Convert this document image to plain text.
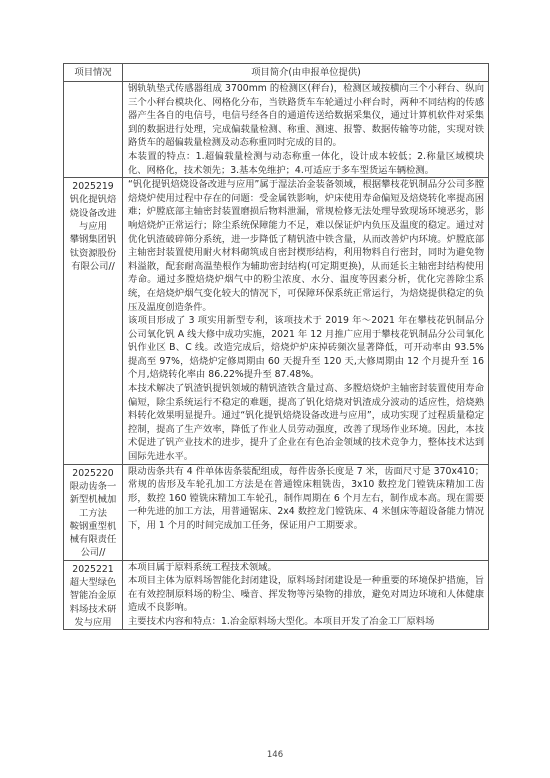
项目情况	项目简介(由申报单位提供)
钢轨轨垫式传感器组成 3700mm 的检测区(秤台)，检测区域按横向三个小秤台、纵向三个小秤台模块化、网格化分布，当铁路货车车轮通过小秤台时，两种不同结构的传感器产生各自的电信号，电信号经各自的通道传送给数据采集仪，通过计算机软件对采集到的数据进行处理，完成偏载量检测、称重、测速、报警、数据传输等功能，实现对铁路货车的超偏载量检测及动态称重同时完成的目的。
本装置的特点：1.超偏载量检测与动态称重一体化，设计成本较低；2.称量区域模块化、网格化，技术领先；3.基本免维护；4.可适应于多车型货运车辆检测。
2025219
钒化提钒焙
烧设备改进
与应用
攀钢集团钒
钛资源股份
有限公司//
“钒化提钒焙烧设备改进与应用”属于湿法冶金装备领域，根据攀枝花钒制品分公司多膛焙烧炉使用过程中存在的问题：受金属铁影响，炉床使用寿命偏短及焙烧转化率提高困难；炉膛底部主轴密封装置磨损后物料泄漏，常规检修无法处理导致现场环境恶劣，影响焙烧炉正常运行；除尘系统保障能力不足，难以保证炉内负压及温度的稳定。通过对优化钒渣破碎筛分系统，进一步降低了精钒渣中铁含量，从而改善炉内环境。炉膛底部主轴密封装置使用耐火材料砌筑成自密封楔形结构，利用物料自行密封，同时为避免物料溢散，配套耐高温垫根作为辅助密封结构(可定期更换)，从而延长主轴密封结构使用寿命。通过多膛焙烧炉烟气中的粉尘浓度、水分、温度等因素分析，优化完善除尘系统，在焙烧炉烟气变化较大的情况下，可保障环保系统正常运行，为焙烧提供稳定的负压及温度创造条件。
该项目形成了 3 项实用新型专利，该项技术于 2019 年～2021 年在攀枝花钒制品分公司氧化钒 A 线大修中成功实施，2021 年 12 月推广应用于攀枝花钒制品分公司氧化钒作业区 B、C 线。改造完成后，焙烧炉炉床掉砖频次显著降低，可开动率由 93.5%提高至 97%，焙烧炉定修周期由 60 天提升至 120 天,大修周期由 12 个月提升至 16 个月,焙烧转化率由 86.22%提升至 87.48%。
本技术解决了钒渣钒提钒领域的精钒渣铁含量过高、多膛焙烧炉主轴密封装置使用寿命偏短，除尘系统运行不稳定的难题，提高了钒化焙烧对钒渣成分波动的适应性，焙烧熟料转化效果明显提升。通过“钒化提钒焙烧设备改进与应用”，成功实现了过程质量稳定控制，提高了生产效率，降低了作业人员劳动强度，改善了现场作业环境。因此，本技术促进了钒产业技术的进步，提升了企业在有色冶金领域的技术竞争力，整体技术达到国际先进水平。
2025220
限动齿条一
新型机械加
工方法
鞍钢重型机
械有限责任
公司//
限动齿条共有 4 件单体齿条装配组成，每件齿条长度是 7 米，齿面尺寸是 370x410；常规的齿形及车轮孔加工方法是在普通镗床粗铣齿，3x10 数控龙门镗铣床精加工齿形，数控 160 镗铣床精加工车轮孔，制作周期在 6 个月左右，制作成本高。现在需要一种先进的加工方法，用普通锯床、2x4 数控龙门镗铣床、4 米刨床等超设备能力情况下，用 1 个月的时间完成加工任务，保证用户工期要求。
2025221
超大型绿色
智能冶金原
料场技术研
发与应用
本项目属于原料系统工程技术领域。
本项目主体为原料场智能化封闭建设，原料场封闭建设是一种重要的环境保护措施，旨在有效控制原料场的粉尘、噪音、挥发物等污染物的排放，避免对周边环境和人体健康造成不良影响。
主要技术内容和特点：1.冶金原料场大型化。本项目开发了冶金工厂原料场
146
